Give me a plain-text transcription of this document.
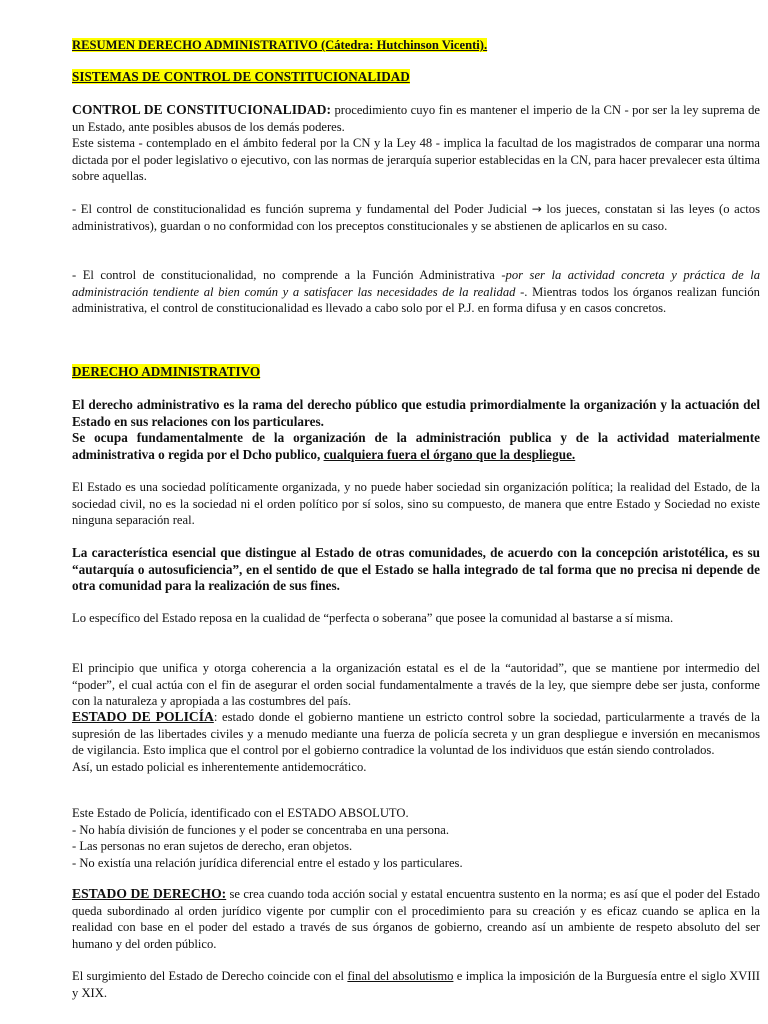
RESUMEN DERECHO ADMINISTRATIVO (Cátedra: Hutchinson Vicenti).

SISTEMAS DE CONTROL DE CONSTITUCIONALIDAD

CONTROL DE CONSTITUCIONALIDAD: procedimiento cuyo fin es mantener el imperio de la CN - por ser la ley suprema de un Estado, ante posibles abusos de los demás poderes.
Este sistema - contemplado en el ámbito federal por la CN y la Ley 48 - implica la facultad de los magistrados de comparar una norma dictada por el poder legislativo o ejecutivo, con las normas de jerarquía superior establecidas en la CN, para hacer prevalecer esta última sobre aquellas.

- El control de constitucionalidad es función suprema y fundamental del Poder Judicial → los jueces, constatan si las leyes (o actos administrativos), guardan o no conformidad con los preceptos constitucionales y se abstienen de aplicarlos en su caso.

- El control de constitucionalidad, no comprende a la Función Administrativa -por ser la actividad concreta y práctica de la administración tendiente al bien común y a satisfacer las necesidades de la realidad -. Mientras todos los órganos realizan función administrativa, el control de constitucionalidad es llevado a cabo solo por el P.J. en forma difusa y en casos concretos.

DERECHO ADMINISTRATIVO

El derecho administrativo es la rama del derecho público que estudia primordialmente la organización y la actuación del Estado en sus relaciones con los particulares.
Se ocupa fundamentalmente de la organización de la administración publica y de la actividad materialmente administrativa o regida por el Dcho publico, cualquiera fuera el órgano que la despliegue.

El Estado es una sociedad políticamente organizada, y no puede haber sociedad sin organización política; la realidad del Estado, de la sociedad civil, no es la sociedad ni el orden político por sí solos, sino su compuesto, de manera que entre Estado y Sociedad no existe ninguna separación real.

La característica esencial que distingue al Estado de otras comunidades, de acuerdo con la concepción aristotélica, es su “autarquía o autosuficiencia”, en el sentido de que el Estado se halla integrado de tal forma que no precisa ni depende de otra comunidad para la realización de sus fines.

Lo específico del Estado reposa en la cualidad de “perfecta o soberana” que posee la comunidad al bastarse a sí misma.

El principio que unifica y otorga coherencia a la organización estatal es el de la “autoridad”, que se mantiene por intermedio del “poder”, el cual actúa con el fin de asegurar el orden social fundamentalmente a través de la ley, que siempre debe ser justa, conforme con la naturaleza y apropiada a las costumbres del país.

ESTADO DE POLICÍA: estado donde el gobierno mantiene un estricto control sobre la sociedad, particularmente a través de la supresión de las libertades civiles y a menudo mediante una fuerza de policía secreta y un gran despliegue e inversión en mecanismos de vigilancia. Esto implica que el control por el gobierno contradice la voluntad de los individuos que están siendo controlados.
Así, un estado policial es inherentemente antidemocrático.

Este Estado de Policía, identificado con el ESTADO ABSOLUTO.
- No había división de funciones y el poder se concentraba en una persona.
- Las personas no eran sujetos de derecho, eran objetos.
- No existía una relación jurídica diferencial entre el estado y los particulares.

ESTADO DE DERECHO: se crea cuando toda acción social y estatal encuentra sustento en la norma; es así que el poder del Estado queda subordinado al orden jurídico vigente por cumplir con el procedimiento para su creación y es eficaz cuando se aplica en la realidad con base en el poder del estado a través de sus órganos de gobierno, creando así un ambiente de respeto absoluto del ser humano y del orden público.

El surgimiento del Estado de Derecho coincide con el final del absolutismo e implica la imposición de la Burguesía entre el siglo XVIII y XIX.
